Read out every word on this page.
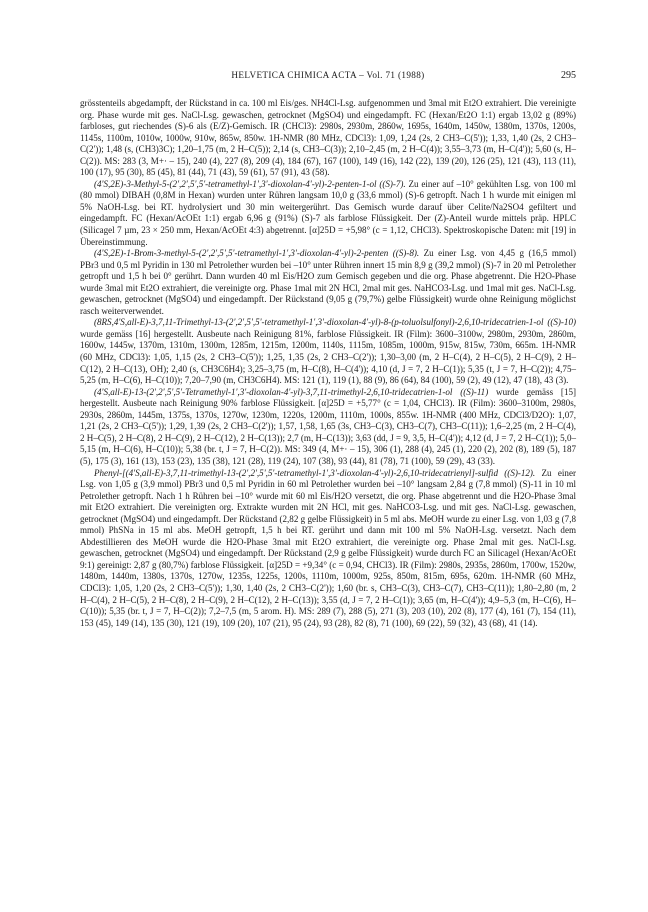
HELVETICA CHIMICA ACTA – Vol. 71 (1988)	295

grösstenteils abgedampft, der Rückstand in ca. 100 ml Eis/ges. NH4Cl-Lsg. aufgenommen und 3mal mit Et2O extrahiert. Die vereinigte org. Phase wurde mit ges. NaCl-Lsg. gewaschen, getrocknet (MgSO4) und eingedampft. FC (Hexan/Et2O 1:1) ergab 13,02 g (89%) farbloses, gut riechendes (S)-6 als (E/Z)-Gemisch. IR (CHCl3): 2980s, 2930m, 2860w, 1695s, 1640m, 1450w, 1380m, 1370s, 1200s, 1145s, 1100m, 1010w, 1000w, 910w, 865w, 850w. 1H-NMR (80 MHz, CDCl3): 1,09, 1,24 (2s, 2 CH3–C(5')); 1,33, 1,40 (2s, 2 CH3–C(2')); 1,48 (s, (CH3)3C); 1,20–1,75 (m, 2 H–C(5)); 2,14 (s, CH3–C(3)); 2,10–2,45 (m, 2 H–C(4)); 3,55–3,73 (m, H–C(4')); 5,60 (s, H–C(2)). MS: 283 (3, M+· – 15), 240 (4), 227 (8), 209 (4), 184 (67), 167 (100), 149 (16), 142 (22), 139 (20), 126 (25), 121 (43), 113 (11), 100 (17), 95 (30), 85 (45), 81 (44), 71 (43), 59 (61), 57 (91), 43 (58).

(4'S,2E)-3-Methyl-5-(2',2',5',5'-tetramethyl-1',3'-dioxolan-4'-yl)-2-penten-1-ol ((S)-7). Zu einer auf –10° gekühlten Lsg. von 100 ml (80 mmol) DIBAH (0,8M in Hexan) wurden unter Rühren langsam 10,0 g (33,6 mmol) (S)-6 getropft. Nach 1 h wurde mit einigen ml 5% NaOH-Lsg. bei RT. hydrolysiert und 30 min weitergerührt. Das Gemisch wurde darauf über Celite/Na2SO4 gefiltert und eingedampft. FC (Hexan/AcOEt 1:1) ergab 6,96 g (91%) (S)-7 als farblose Flüssigkeit. Der (Z)-Anteil wurde mittels präp. HPLC (Silicagel 7 µm, 23 × 250 mm, Hexan/AcOEt 4:3) abgetrennt. [α]25D = +5,98° (c = 1,12, CHCl3). Spektroskopische Daten: mit [19] in Übereinstimmung.

(4'S,2E)-1-Brom-3-methyl-5-(2',2',5',5'-tetramethyl-1',3'-dioxolan-4'-yl)-2-penten ((S)-8). Zu einer Lsg. von 4,45 g (16,5 mmol) PBr3 und 0,5 ml Pyridin in 130 ml Petrolether wurden bei –10° unter Rühren innert 15 min 8,9 g (39,2 mmol) (S)-7 in 20 ml Petrolether getropft und 1,5 h bei 0° gerührt. Dann wurden 40 ml Eis/H2O zum Gemisch gegeben und die org. Phase abgetrennt. Die H2O-Phase wurde 3mal mit Et2O extrahiert, die vereinigte org. Phase 1mal mit 2N HCl, 2mal mit ges. NaHCO3-Lsg. und 1mal mit ges. NaCl-Lsg. gewaschen, getrocknet (MgSO4) und eingedampft. Der Rückstand (9,05 g (79,7%) gelbe Flüssigkeit) wurde ohne Reinigung möglichst rasch weiterverwendet.

(8RS,4'S,all-E)-3,7,11-Trimethyl-13-(2',2',5',5'-tetramethyl-1',3'-dioxolan-4'-yl)-8-(p-toluolsulfonyl)-2,6,10-tridecatrien-1-ol ((S)-10) wurde gemäss [16] hergestellt. Ausbeute nach Reinigung 81%, farblose Flüssigkeit. IR (Film): 3600–3100w, 2980m, 2930m, 2860m, 1600w, 1445w, 1370m, 1310m, 1300m, 1285m, 1215m, 1200m, 1140s, 1115m, 1085m, 1000m, 915w, 815w, 730m, 665m. 1H-NMR (60 MHz, CDCl3): 1,05, 1,15 (2s, 2 CH3–C(5')); 1,25, 1,35 (2s, 2 CH3–C(2')); 1,30–3,00 (m, 2 H–C(4), 2 H–C(5), 2 H–C(9), 2 H–C(12), 2 H–C(13), OH); 2,40 (s, CH3C6H4); 3,25–3,75 (m, H–C(8), H–C(4')); 4,10 (d, J = 7, 2 H–C(1)); 5,35 (t, J = 7, H–C(2)); 4,75–5,25 (m, H–C(6), H–C(10)); 7,20–7,90 (m, CH3C6H4). MS: 121 (1), 119 (1), 88 (9), 86 (64), 84 (100), 59 (2), 49 (12), 47 (18), 43 (3).

(4'S,all-E)-13-(2',2',5',5'-Tetramethyl-1',3'-dioxolan-4'-yl)-3,7,11-trimethyl-2,6,10-tridecatrien-1-ol ((S)-11) wurde gemäss [15] hergestellt. Ausbeute nach Reinigung 90% farblose Flüssigkeit. [α]25D = +5,77° (c = 1,04, CHCl3). IR (Film): 3600–3100m, 2980s, 2930s, 2860m, 1445m, 1375s, 1370s, 1270w, 1230m, 1220s, 1200m, 1110m, 1000s, 855w. 1H-NMR (400 MHz, CDCl3/D2O): 1,07, 1,21 (2s, 2 CH3–C(5')); 1,29, 1,39 (2s, 2 CH3–C(2')); 1,57, 1,58, 1,65 (3s, CH3–C(3), CH3–C(7), CH3–C(11)); 1,6–2,25 (m, 2 H–C(4), 2 H–C(5), 2 H–C(8), 2 H–C(9), 2 H–C(12), 2 H–C(13)); 2,7 (m, H–C(13)); 3,63 (dd, J = 9, 3,5, H–C(4')); 4,12 (d, J = 7, 2 H–C(1)); 5,0–5,15 (m, H–C(6), H–C(10)); 5,38 (br. t, J = 7, H–C(2)). MS: 349 (4, M+· – 15), 306 (1), 288 (4), 245 (1), 220 (2), 202 (8), 189 (5), 187 (5), 175 (3), 161 (13), 153 (23), 135 (38), 121 (28), 119 (24), 107 (38), 93 (44), 81 (78), 71 (100), 59 (29), 43 (33).

Phenyl-[(4'S,all-E)-3,7,11-trimethyl-13-(2',2',5',5'-tetramethyl-1',3'-dioxolan-4'-yl)-2,6,10-tridecatrienyl]-sulfid ((S)-12). Zu einer Lsg. von 1,05 g (3,9 mmol) PBr3 und 0,5 ml Pyridin in 60 ml Petrolether wurden bei –10° langsam 2,84 g (7,8 mmol) (S)-11 in 10 ml Petrolether getropft. Nach 1 h Rühren bei –10° wurde mit 60 ml Eis/H2O versetzt, die org. Phase abgetrennt und die H2O-Phase 3mal mit Et2O extrahiert. Die vereinigten org. Extrakte wurden mit 2N HCl, mit ges. NaHCO3-Lsg. und mit ges. NaCl-Lsg. gewaschen, getrocknet (MgSO4) und eingedampft. Der Rückstand (2,82 g gelbe Flüssigkeit) in 5 ml abs. MeOH wurde zu einer Lsg. von 1,03 g (7,8 mmol) PhSNa in 15 ml abs. MeOH getropft, 1,5 h bei RT. gerührt und dann mit 100 ml 5% NaOH-Lsg. versetzt. Nach dem Abdestillieren des MeOH wurde die H2O-Phase 3mal mit Et2O extrahiert, die vereinigte org. Phase 2mal mit ges. NaCl-Lsg. gewaschen, getrocknet (MgSO4) und eingedampft. Der Rückstand (2,9 g gelbe Flüssigkeit) wurde durch FC an Silicagel (Hexan/AcOEt 9:1) gereinigt: 2,87 g (80,7%) farblose Flüssigkeit. [α]25D = +9,34° (c = 0,94, CHCl3). IR (Film): 2980s, 2935s, 2860m, 1700w, 1520w, 1480m, 1440m, 1380s, 1370s, 1270w, 1235s, 1225s, 1200s, 1110m, 1000m, 925s, 850m, 815m, 695s, 620m. 1H-NMR (60 MHz, CDCl3): 1,05, 1,20 (2s, 2 CH3–C(5')); 1,30, 1,40 (2s, 2 CH3–C(2')); 1,60 (br. s, CH3–C(3), CH3–C(7), CH3–C(11)); 1,80–2,80 (m, 2 H–C(4), 2 H–C(5), 2 H–C(8), 2 H–C(9), 2 H–C(12), 2 H–C(13)); 3,55 (d, J = 7, 2 H–C(1)); 3,65 (m, H–C(4')); 4,9–5,3 (m, H–C(6), H–C(10)); 5,35 (br. t, J = 7, H–C(2)); 7,2–7,5 (m, 5 arom. H). MS: 289 (7), 288 (5), 271 (3), 203 (10), 202 (8), 177 (4), 161 (7), 154 (11), 153 (45), 149 (14), 135 (30), 121 (19), 109 (20), 107 (21), 95 (24), 93 (28), 82 (8), 71 (100), 69 (22), 59 (32), 43 (68), 41 (14).
